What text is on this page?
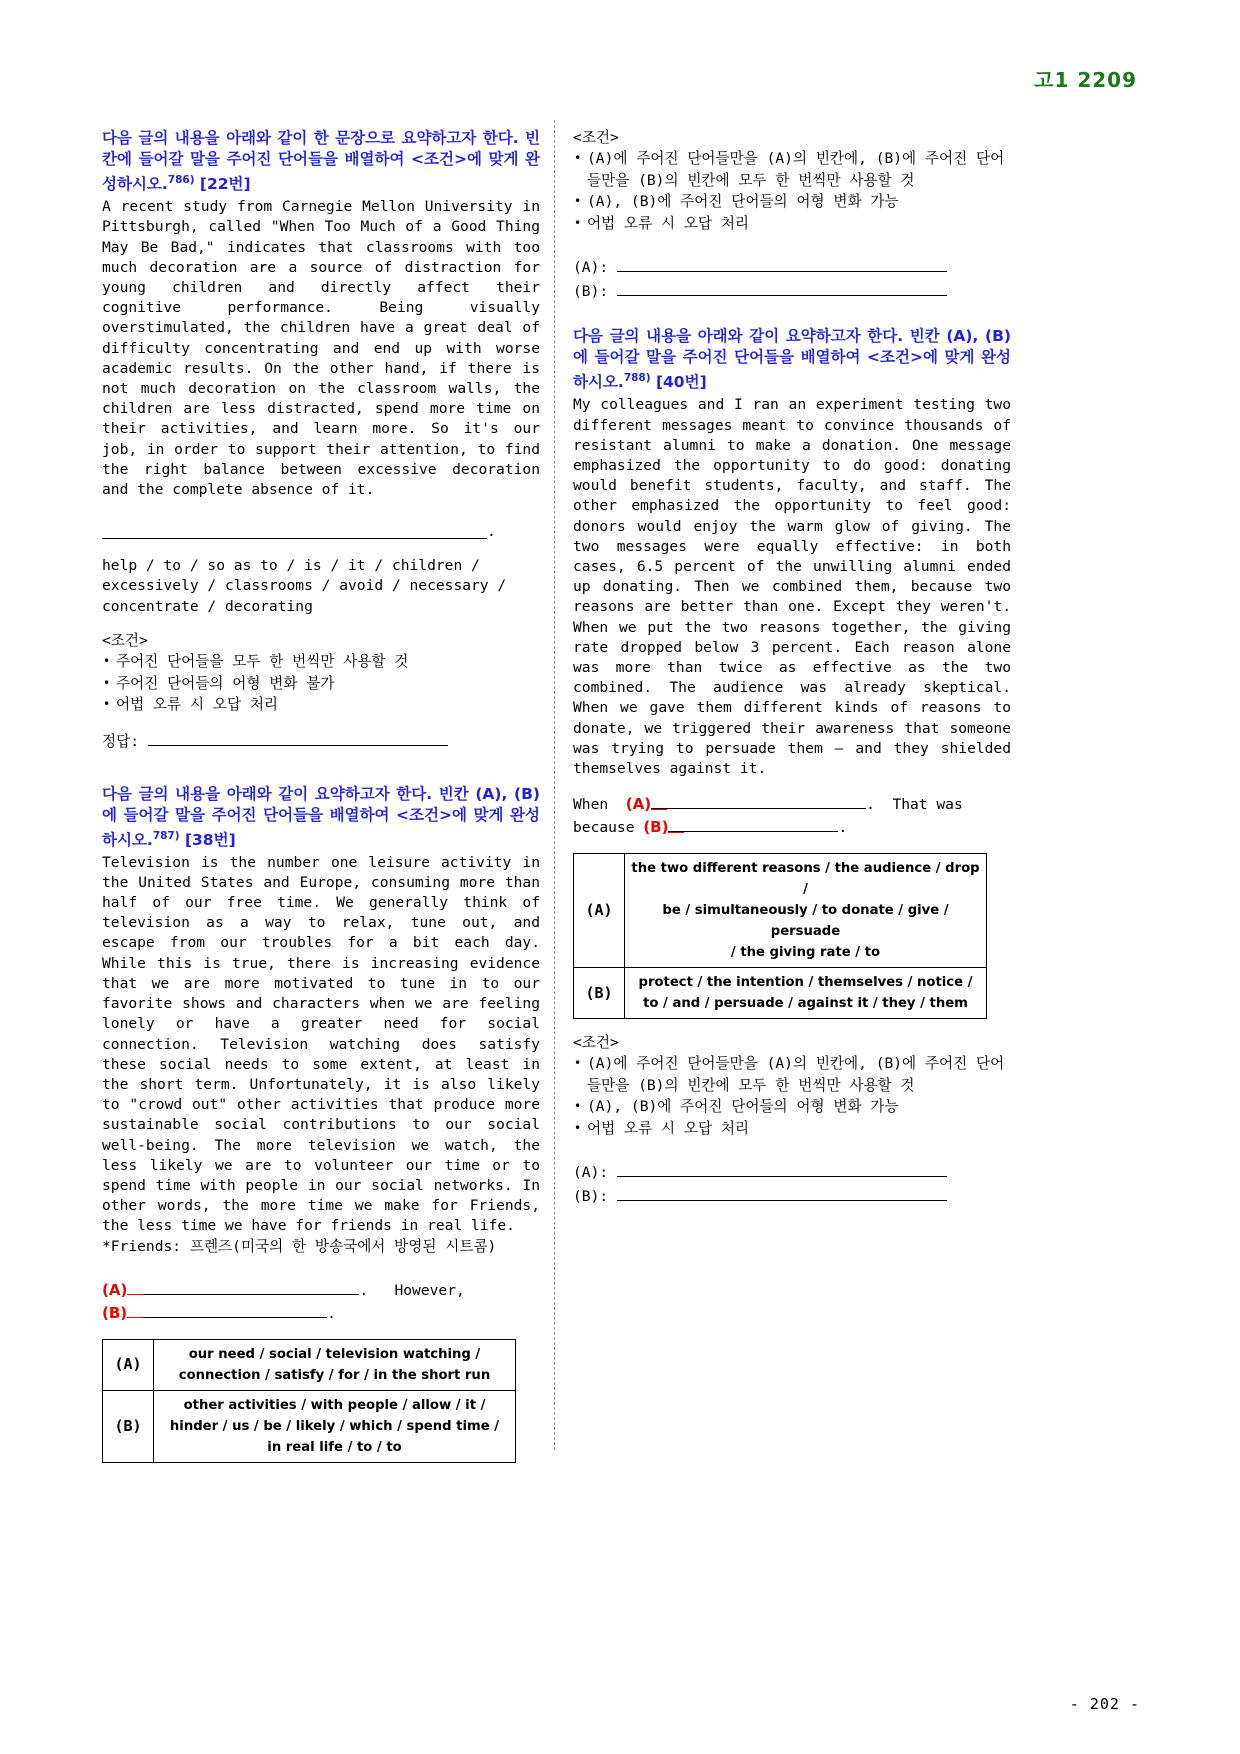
고1 2209
다음 글의 내용을 아래와 같이 한 문장으로 요약하고자 한다. 빈칸에 들어갈 말을 주어진 단어들을 배열하여 <조건>에 맞게 완성하시오.$^{786)}$ [22번]

A recent study from Carnegie Mellon University in Pittsburgh, called "When Too Much of a Good Thing May Be Bad," indicates that classrooms with too much decoration are a source of distraction for young children and directly affect their cognitive performance. Being visually overstimulated, the children have a great deal of difficulty concentrating and end up with worse academic results. On the other hand, if there is not much decoration on the classroom walls, the children are less distracted, spend more time on their activities, and learn more. So it's our job, in order to support their attention, to find the right balance between excessive decoration and the complete absence of it.

.
help / to / so as to / is / it / children / excessively / classrooms / avoid / necessary / concentrate / decorating
<조건>
• 주어진 단어들을 모두 한 번씩만 사용할 것
• 주어진 단어들의 어형 변화 불가
• 어법 오류 시 오답 처리
정답:
다음 글의 내용을 아래와 같이 요약하고자 한다. 빈칸 (A), (B)에 들어갈 말을 주어진 단어들을 배열하여 <조건>에 맞게 완성하시오.$^{787)}$ [38번]

Television is the number one leisure activity in the United States and Europe, consuming more than half of our free time. We generally think of television as a way to relax, tune out, and escape from our troubles for a bit each day. While this is true, there is increasing evidence that we are more motivated to tune in to our favorite shows and characters when we are feeling lonely or have a greater need for social connection. Television watching does satisfy these social needs to some extent, at least in the short term. Unfortunately, it is also likely to "crowd out" other activities that produce more sustainable social contributions to our social well-being. The more television we watch, the less likely we are to volunteer our time or to spend time with people in our social networks. In other words, the more time we make for Friends, the less time we have for friends in real life.

*Friends: 프렌즈(미국의 한 방송국에서 방영된 시트콤)
(A)	. However,
(B)	.
(A)	our need / social / television watching /
connection / satisfy / for / in the short run

(B)	other activities / with people / allow / it /
hinder / us / be / likely / which / spend time /
in real life / to / to
<조건>
• (A)에 주어진 단어들만을 (A)의 빈칸에, (B)에 주어진 단어들만을 (B)의 빈칸에 모두 한 번씩만 사용할 것
• (A), (B)에 주어진 단어들의 어형 변화 가능
• 어법 오류 시 오답 처리
(A):
(B):
다음 글의 내용을 아래와 같이 요약하고자 한다. 빈칸 (A), (B)에 들어갈 말을 주어진 단어들을 배열하여 <조건>에 맞게 완성하시오.$^{788)}$ [40번]

My colleagues and I ran an experiment testing two different messages meant to convince thousands of resistant alumni to make a donation. One message emphasized the opportunity to do good: donating would benefit students, faculty, and staff. The other emphasized the opportunity to feel good: donors would enjoy the warm glow of giving. The two messages were equally effective: in both cases, 6.5 percent of the unwilling alumni ended up donating. Then we combined them, because two reasons are better than one. Except they weren't. When we put the two reasons together, the giving rate dropped below 3 percent. Each reason alone was more than twice as effective as the two combined. The audience was already skeptical. When we gave them different kinds of reasons to donate, we triggered their awareness that someone was trying to persuade them – and they shielded themselves against it.

When (A)	. That was
because (B)	.
(A)	the two different reasons / the audience / drop /
be / simultaneously / to donate / give / persuade
/ the giving rate / to

(B)	protect / the intention / themselves / notice /
to / and / persuade / against it / they / them
<조건>
• (A)에 주어진 단어들만을 (A)의 빈칸에, (B)에 주어진 단어들만을 (B)의 빈칸에 모두 한 번씩만 사용할 것
• (A), (B)에 주어진 단어들의 어형 변화 가능
• 어법 오류 시 오답 처리
(A):
(B):
- 202 -
